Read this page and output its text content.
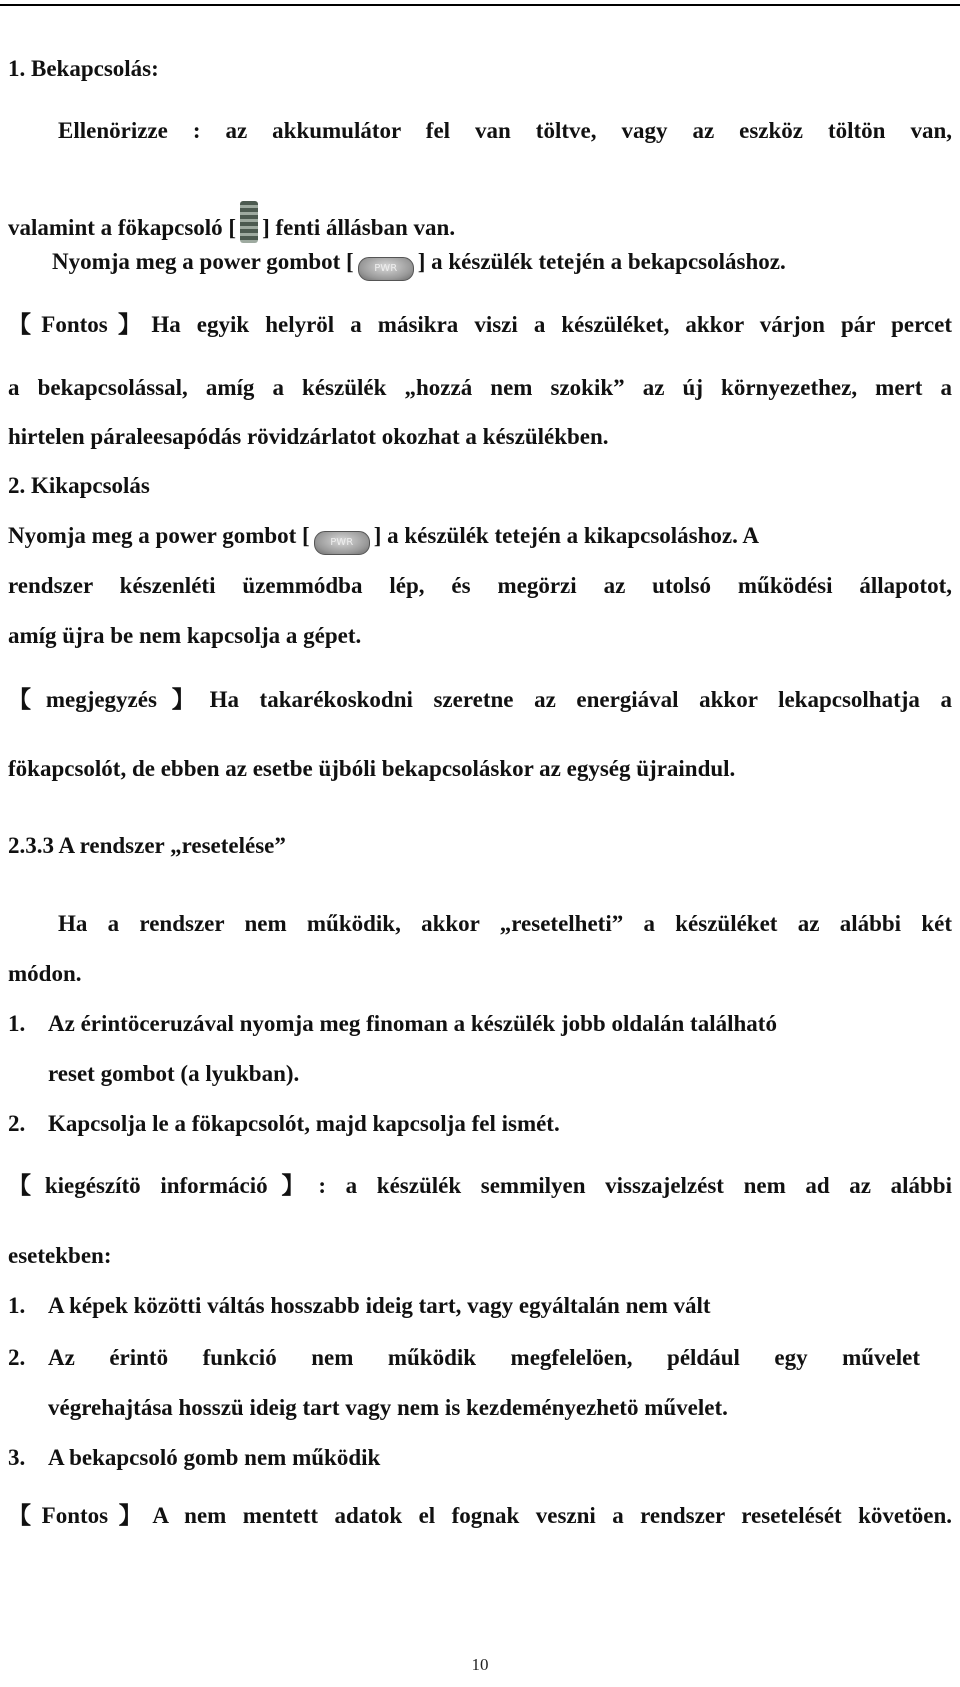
1. Bekapcsolás:
Ellenörizze : az akkumulátor fel van töltve, vagy az eszköz töltön van,
valamint a fökapcsoló [ ] fenti állásban van.
Nyomja meg a power gombot [ PWR ] a készülék tetején a bekapcsoláshoz.
【Fontos】Ha egyik helyröl a másikra viszi a készüléket, akkor várjon pár percet
a bekapcsolással, amíg a készülék „hozzá nem szokik” az új környezethez, mert a
hirtelen páraleesapódás rövidzárlatot okozhat a készülékben.
2. Kikapcsolás
Nyomja meg a power gombot [ PWR ] a készülék tetején a kikapcsoláshoz. A
rendszer készenléti üzemmódba lép, és megörzi az utolsó működési állapotot,
amíg üjra be nem kapcsolja a gépet.
【megjegyzés】Ha takarékoskodni szeretne az energiával akkor lekapcsolhatja a
fökapcsolót, de ebben az esetbe üjbóli bekapcsoláskor az egység üjraindul.
2.3.3 A rendszer „resetelése”
Ha a rendszer nem működik, akkor „resetelheti” a készüléket az alábbi két
módon.
1. Az érintöceruzával nyomja meg finoman a készülék jobb oldalán található
reset gombot (a lyukban).
2. Kapcsolja le a fökapcsolót, majd kapcsolja fel ismét.
【kiegészítö információ】: a készülék semmilyen visszajelzést nem ad az alábbi
esetekben:
1. A képek közötti váltás hosszabb ideig tart, vagy egyáltalán nem vált
2. Az érintö funkció nem működik megfelelöen, például egy művelet
végrehajtása hosszü ideig tart vagy nem is kezdeményezhetö művelet.
3. A bekapcsoló gomb nem működik
【Fontos】A nem mentett adatok el fognak veszni a rendszer resetelését követöen.
10
